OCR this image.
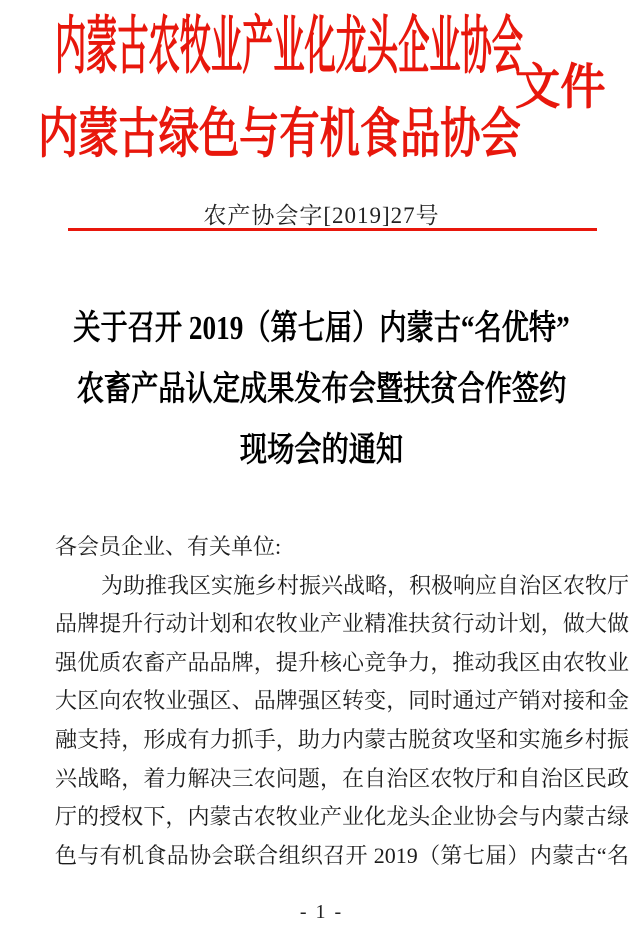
内蒙古农牧业产业化龙头企业协会
内蒙古绿色与有机食品协会
文件
农产协会字[2019]27号
关于召开 2019（第七届）内蒙古“名优特”
农畜产品认定成果发布会暨扶贫合作签约
现场会的通知
各会员企业、有关单位:
为助推我区实施乡村振兴战略，积极响应自治区农牧厅
品牌提升行动计划和农牧业产业精准扶贫行动计划，做大做
强优质农畜产品品牌，提升核心竞争力，推动我区由农牧业
大区向农牧业强区、品牌强区转变，同时通过产销对接和金
融支持，形成有力抓手，助力内蒙古脱贫攻坚和实施乡村振
兴战略，着力解决三农问题，在自治区农牧厅和自治区民政
厅的授权下，内蒙古农牧业产业化龙头企业协会与内蒙古绿
色与有机食品协会联合组织召开 2019（第七届）内蒙古“名
- 1 -
